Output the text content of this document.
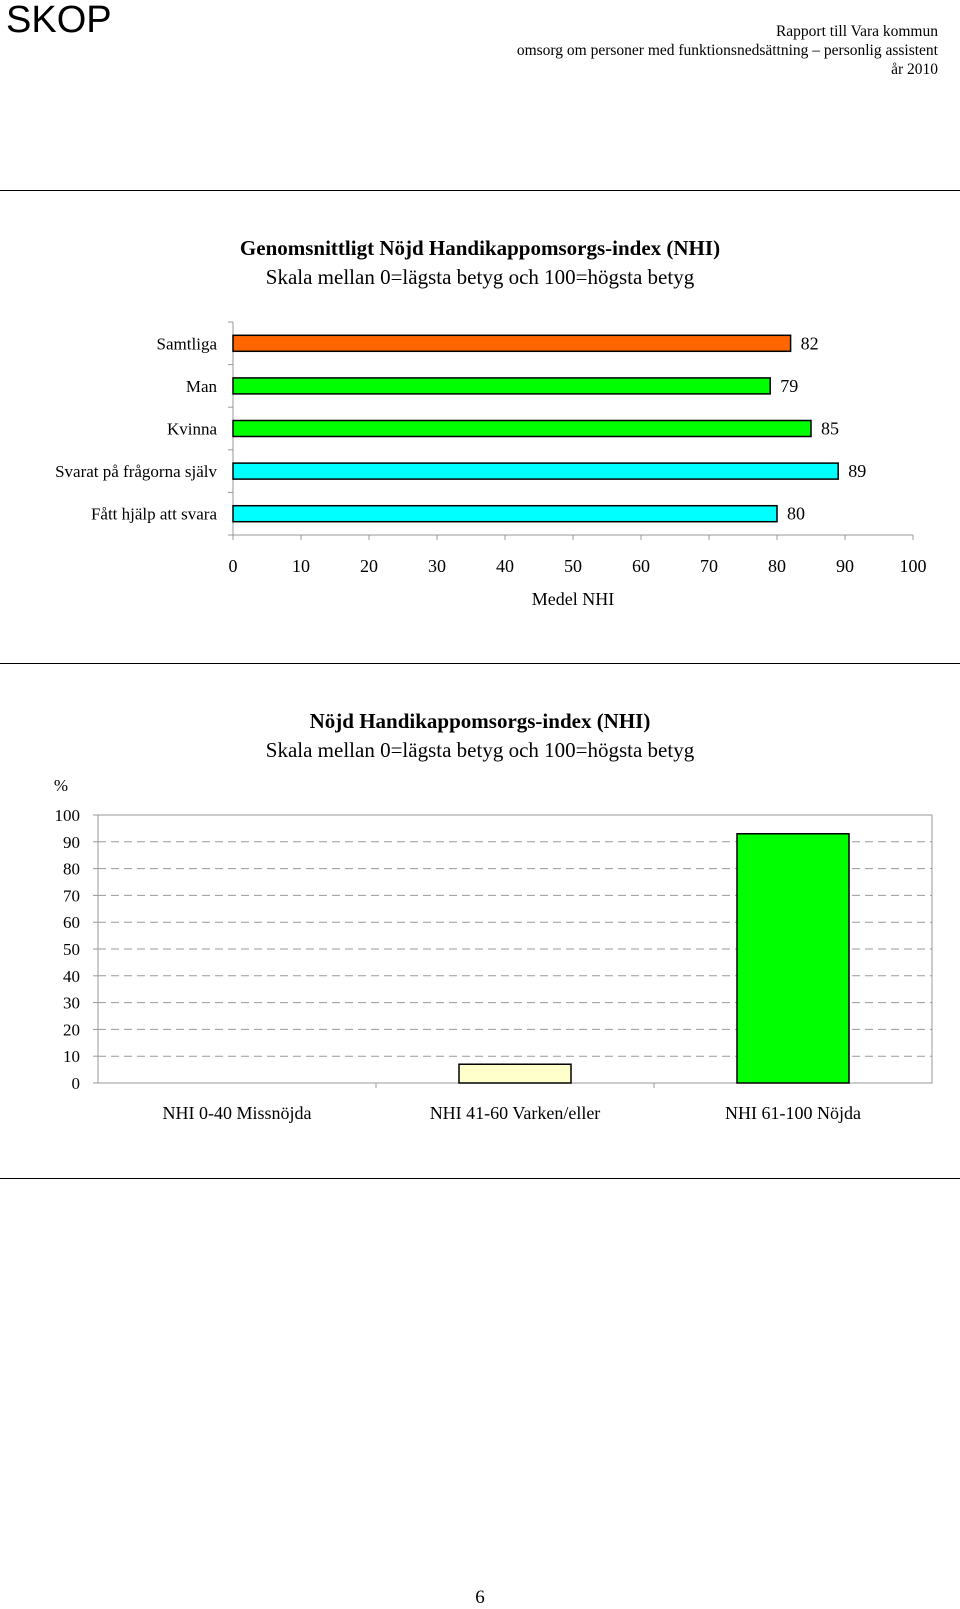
SKOP	Rapport till Vara kommun
omsorg om personer med funktionsnedsättning – personlig assistent
år 2010
Genomsnittligt Nöjd Handikappomsorgs-index (NHI)
Skala mellan 0=lägsta betyg och 100=högsta betyg
0	10	20	30	40	50	60	70	80	90	100
Samtliga	82
Man	79
Kvinna	85
Svarat på frågorna själv	89
Fått hjälp att svara	80
Medel NHI
Nöjd Handikappomsorgs-index (NHI)
Skala mellan 0=lägsta betyg och 100=högsta betyg
0
10
20
30
40
50
60
70
80
90
100
%
NHI 0-40 Missnöjda	NHI 41-60 Varken/eller	NHI 61-100 Nöjda
6
